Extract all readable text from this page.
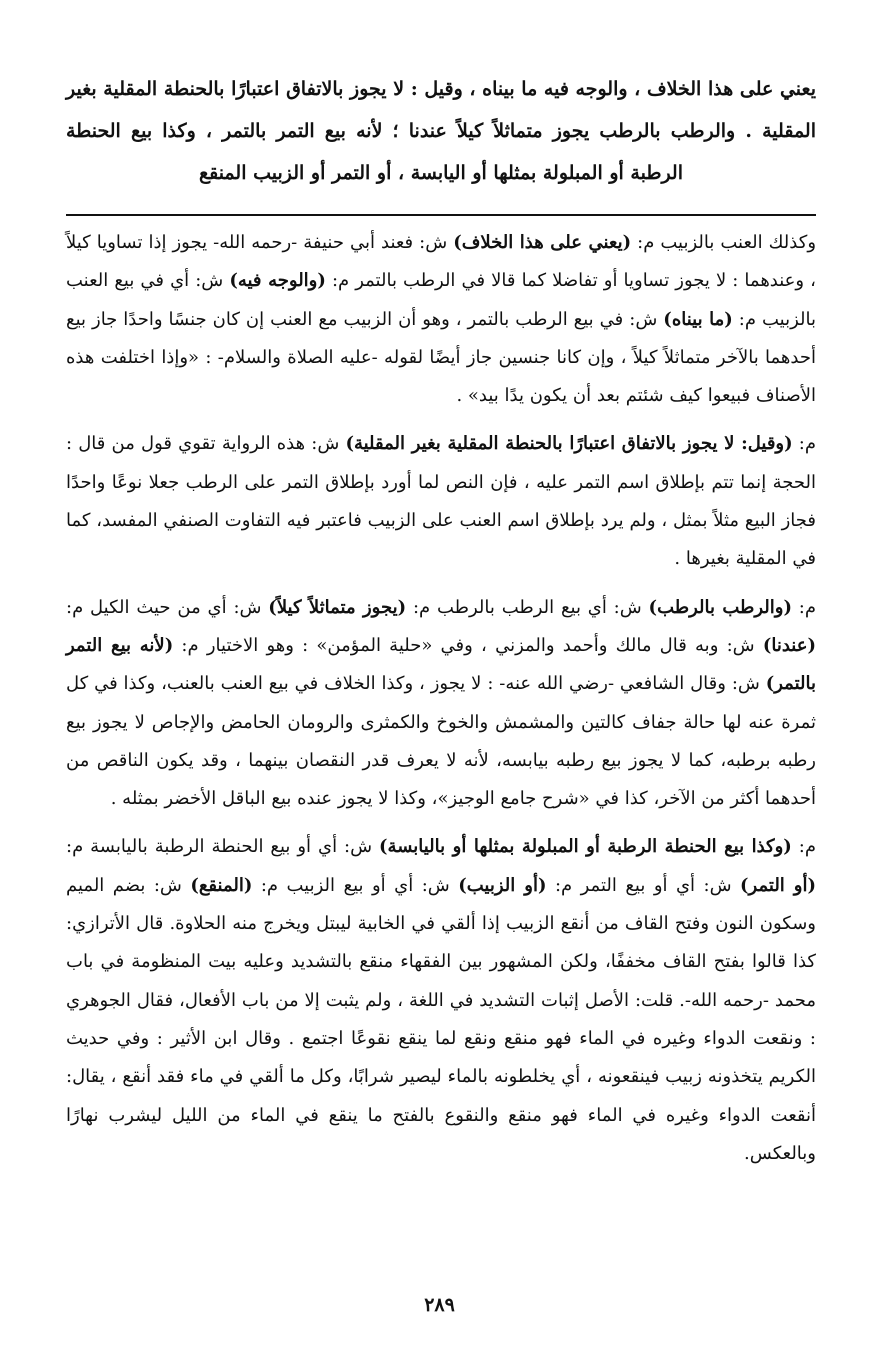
يعني على هذا الخلاف ، والوجه فيه ما بيناه ، وقيل : لا يجوز بالاتفاق اعتبارًا بالحنطة المقلية بغير المقلية . والرطب بالرطب يجوز متماثلاً كيلاً عندنا ؛ لأنه بيع التمر بالتمر ، وكذا بيع الحنطة الرطبة أو المبلولة بمثلها أو اليابسة ، أو التمر أو الزبيب المنقع

وكذلك العنب بالزبيب م: (يعني على هذا الخلاف) ش: فعند أبي حنيفة -رحمه الله- يجوز إذا تساويا كيلاً ، وعندهما : لا يجوز تساويا أو تفاضلا كما قالا في الرطب بالتمر م: (والوجه فيه) ش: أي في بيع العنب بالزبيب م: (ما بيناه) ش: في بيع الرطب بالتمر ، وهو أن الزبيب مع العنب إن كان جنسًا واحدًا جاز بيع أحدهما بالآخر متماثلاً كيلاً ، وإن كانا جنسين جاز أيضًا لقوله -عليه الصلاة والسلام- : «وإذا اختلفت هذه الأصناف فبيعوا كيف شئتم بعد أن يكون يدًا بيد» .

م: (وقيل: لا يجوز بالاتفاق اعتبارًا بالحنطة المقلية بغير المقلية) ش: هذه الرواية تقوي قول من قال : الحجة إنما تتم بإطلاق اسم التمر عليه ، فإن النص لما أورد بإطلاق التمر على الرطب جعلا نوعًا واحدًا فجاز البيع مثلاً بمثل ، ولم يرد بإطلاق اسم العنب على الزبيب فاعتبر فيه التفاوت الصنفي المفسد، كما في المقلية بغيرها .

م: (والرطب بالرطب) ش: أي بيع الرطب بالرطب م: (يجوز متماثلاً كيلاً) ش: أي من حيث الكيل م: (عندنا) ش: وبه قال مالك وأحمد والمزني ، وفي «حلية المؤمن» : وهو الاختيار م: (لأنه بيع التمر بالتمر) ش: وقال الشافعي -رضي الله عنه- : لا يجوز ، وكذا الخلاف في بيع العنب بالعنب، وكذا في كل ثمرة عنه لها حالة جفاف كالتين والمشمش والخوخ والكمثرى والرومان الحامض والإجاص لا يجوز بيع رطبه برطبه، كما لا يجوز بيع رطبه بيابسه، لأنه لا يعرف قدر النقصان بينهما ، وقد يكون الناقص من أحدهما أكثر من الآخر، كذا في «شرح جامع الوجيز»، وكذا لا يجوز عنده بيع الباقل الأخضر بمثله .

م: (وكذا بيع الحنطة الرطبة أو المبلولة بمثلها أو باليابسة) ش: أي أو بيع الحنطة الرطبة باليابسة م: (أو التمر) ش: أي أو بيع التمر م: (أو الزبيب) ش: أي أو بيع الزبيب م: (المنقع) ش: بضم الميم وسكون النون وفتح القاف من أنقع الزبيب إذا ألقي في الخابية ليبتل ويخرج منه الحلاوة. قال الأترازي: كذا قالوا بفتح القاف مخففًا، ولكن المشهور بين الفقهاء منقع بالتشديد وعليه بيت المنظومة في باب محمد -رحمه الله-. قلت: الأصل إثبات التشديد في اللغة ، ولم يثبت إلا من باب الأفعال، فقال الجوهري : ونقعت الدواء وغيره في الماء فهو منقع ونقع لما ينقع نقوعًا اجتمع . وقال ابن الأثير : وفي حديث الكريم يتخذونه زبيب فينقعونه ، أي يخلطونه بالماء ليصير شرابًا، وكل ما ألقي في ماء فقد أنقع ، يقال: أنقعت الدواء وغيره في الماء فهو منقع والنقوع بالفتح ما ينقع في الماء من الليل ليشرب نهارًا وبالعكس.

٢٨٩
